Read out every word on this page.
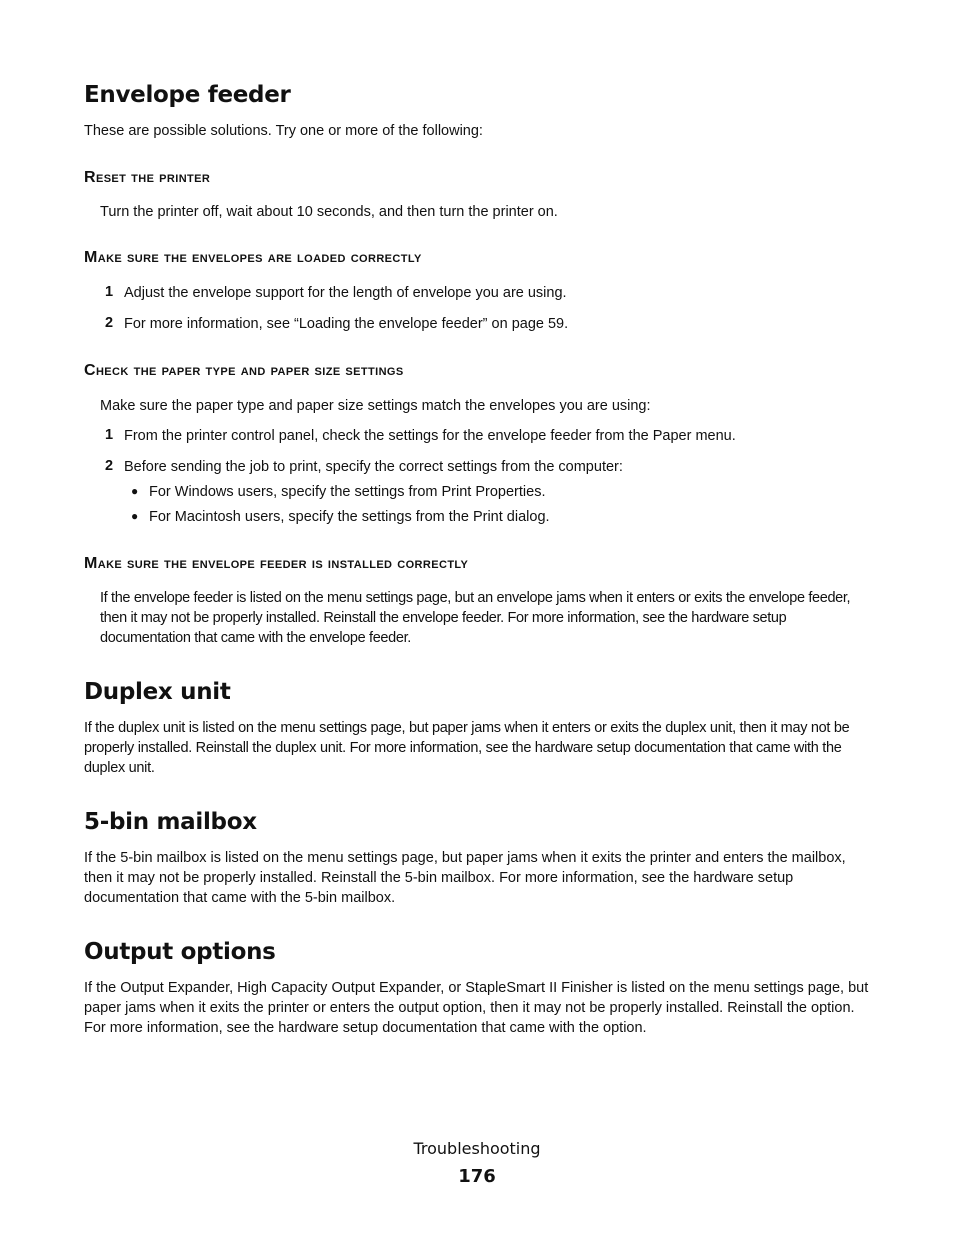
Envelope feeder

These are possible solutions. Try one or more of the following:

Reset the printer

Turn the printer off, wait about 10 seconds, and then turn the printer on.

Make sure the envelopes are loaded correctly
1 Adjust the envelope support for the length of envelope you are using.

2 For more information, see “Loading the envelope feeder” on page 59.

Check the paper type and paper size settings

Make sure the paper type and paper size settings match the envelopes you are using:

1 From the printer control panel, check the settings for the envelope feeder from the Paper menu.

2 Before sending the job to print, specify the correct settings from the computer:

● For Windows users, specify the settings from Print Properties.

● For Macintosh users, specify the settings from the Print dialog.

Make sure the envelope feeder is installed correctly

If the envelope feeder is listed on the menu settings page, but an envelope jams when it enters or exits the envelope feeder, then it may not be properly installed. Reinstall the envelope feeder. For more information, see the hardware setup documentation that came with the envelope feeder.

Duplex unit

If the duplex unit is listed on the menu settings page, but paper jams when it enters or exits the duplex unit, then it may not be properly installed. Reinstall the duplex unit. For more information, see the hardware setup documentation that came with the duplex unit.

5-bin mailbox

If the 5-bin mailbox is listed on the menu settings page, but paper jams when it exits the printer and enters the mailbox, then it may not be properly installed. Reinstall the 5-bin mailbox. For more information, see the hardware setup documentation that came with the 5-bin mailbox.

Output options

If the Output Expander, High Capacity Output Expander, or StapleSmart II Finisher is listed on the menu settings page, but paper jams when it exits the printer or enters the output option, then it may not be properly installed. Reinstall the option. For more information, see the hardware setup documentation that came with the option.

Troubleshooting
176
